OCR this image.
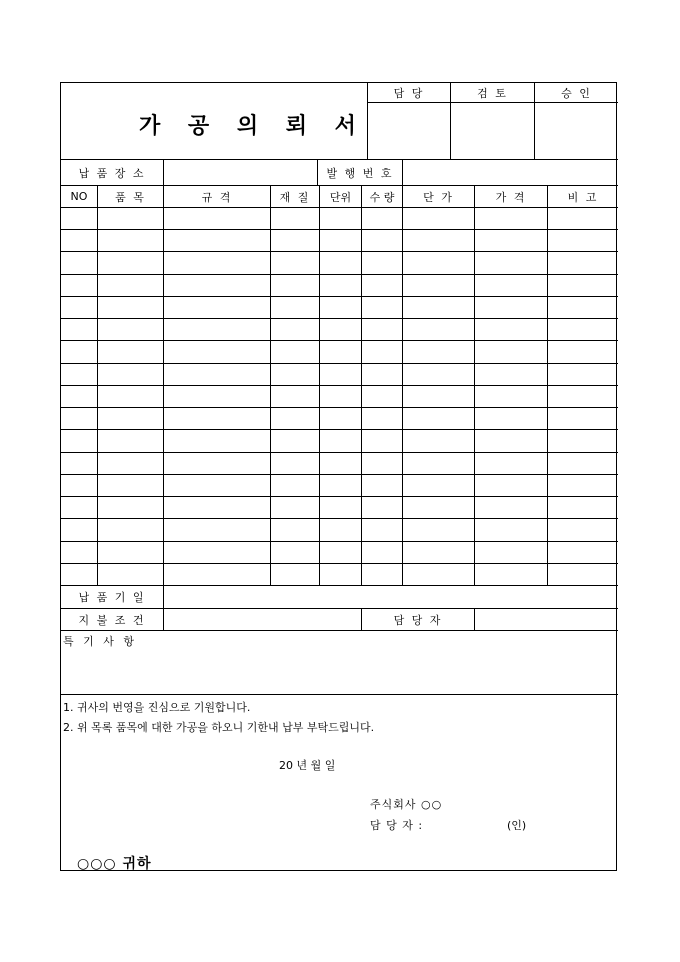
가 공 의 뢰 서
담 당	검 토	승 인
납 품 장 소	발 행 번 호
NO	품 목	규 격	재 질	단위	수 량	단 가	가 격	비 고
납 품 기 일
지 불 조 건	담 당 자
특 기 사 항
1. 귀사의 번영을 진심으로 기원합니다.
2. 위 목록 품목에 대한 가공을 하오니 기한내 납부 부탁드립니다.
20 년 월 일
주식회사 ○○
담 당 자 :	(인)
○○○ 귀하
